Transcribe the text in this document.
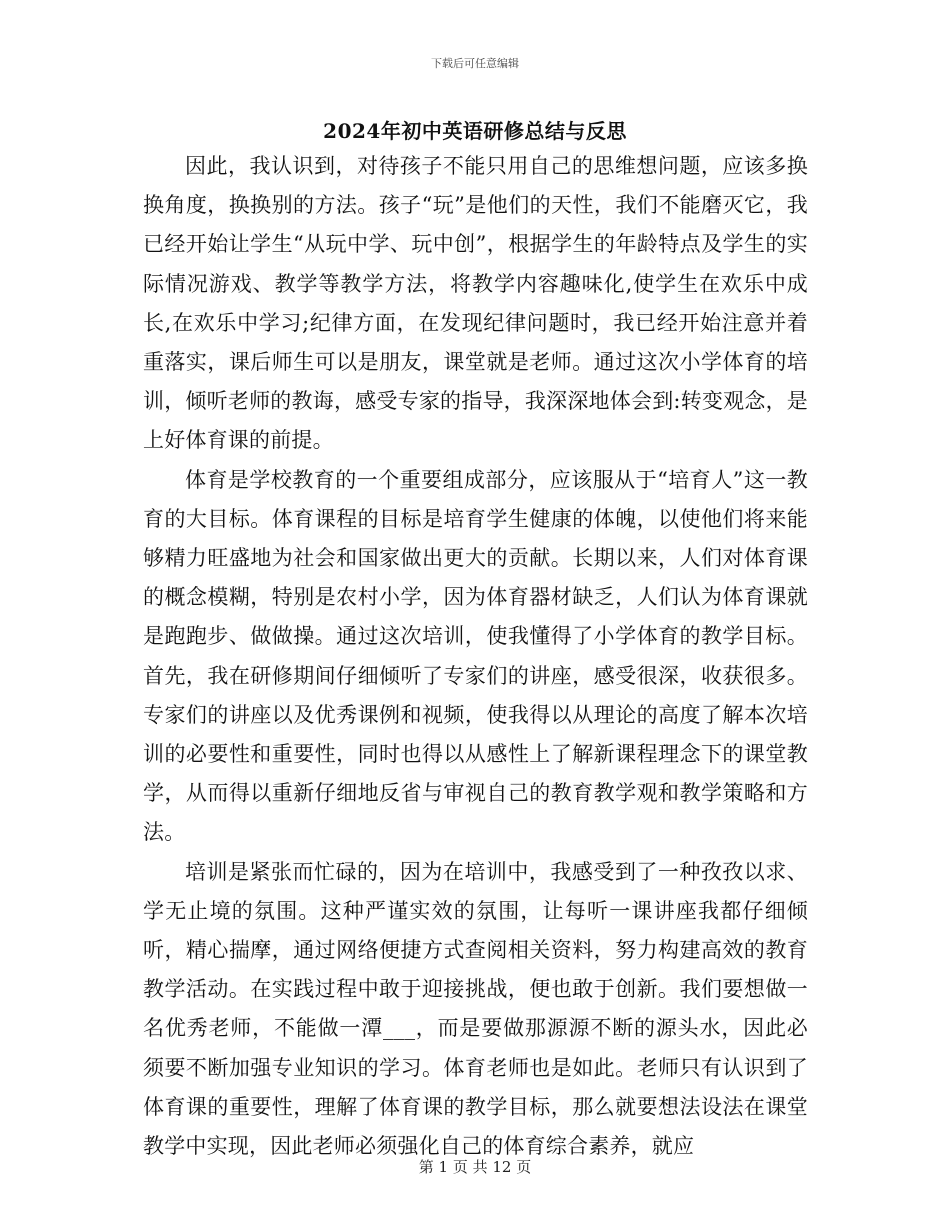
下载后可任意编辑
2024年初中英语研修总结与反思

因此，我认识到，对待孩子不能只用自己的思维想问题，应该多换换角度，换换别的方法。孩子“玩”是他们的天性，我们不能磨灭它，我已经开始让学生“从玩中学、玩中创”，根据学生的年龄特点及学生的实际情况游戏、教学等教学方法，将教学内容趣味化,使学生在欢乐中成长,在欢乐中学习;纪律方面，在发现纪律问题时，我已经开始注意并着重落实，课后师生可以是朋友，课堂就是老师。通过这次小学体育的培训，倾听老师的教诲，感受专家的指导，我深深地体会到:转变观念，是上好体育课的前提。

体育是学校教育的一个重要组成部分，应该服从于“培育人”这一教育的大目标。体育课程的目标是培育学生健康的体魄，以使他们将来能够精力旺盛地为社会和国家做出更大的贡献。长期以来，人们对体育课的概念模糊，特别是农村小学，因为体育器材缺乏，人们认为体育课就是跑跑步、做做操。通过这次培训，使我懂得了小学体育的教学目标。首先，我在研修期间仔细倾听了专家们的讲座，感受很深，收获很多。专家们的讲座以及优秀课例和视频，使我得以从理论的高度了解本次培训的必要性和重要性，同时也得以从感性上了解新课程理念下的课堂教学，从而得以重新仔细地反省与审视自己的教育教学观和教学策略和方法。

培训是紧张而忙碌的，因为在培训中，我感受到了一种孜孜以求、学无止境的氛围。这种严谨实效的氛围，让每听一课讲座我都仔细倾听，精心揣摩，通过网络便捷方式查阅相关资料，努力构建高效的教育教学活动。在实践过程中敢于迎接挑战，便也敢于创新。我们要想做一名优秀老师，不能做一潭___，而是要做那源源不断的源头水，因此必须要不断加强专业知识的学习。体育老师也是如此。老师只有认识到了体育课的重要性，理解了体育课的教学目标，那么就要想法设法在课堂教学中实现，因此老师必须强化自己的体育综合素养，就应

第 1 页 共 12 页
